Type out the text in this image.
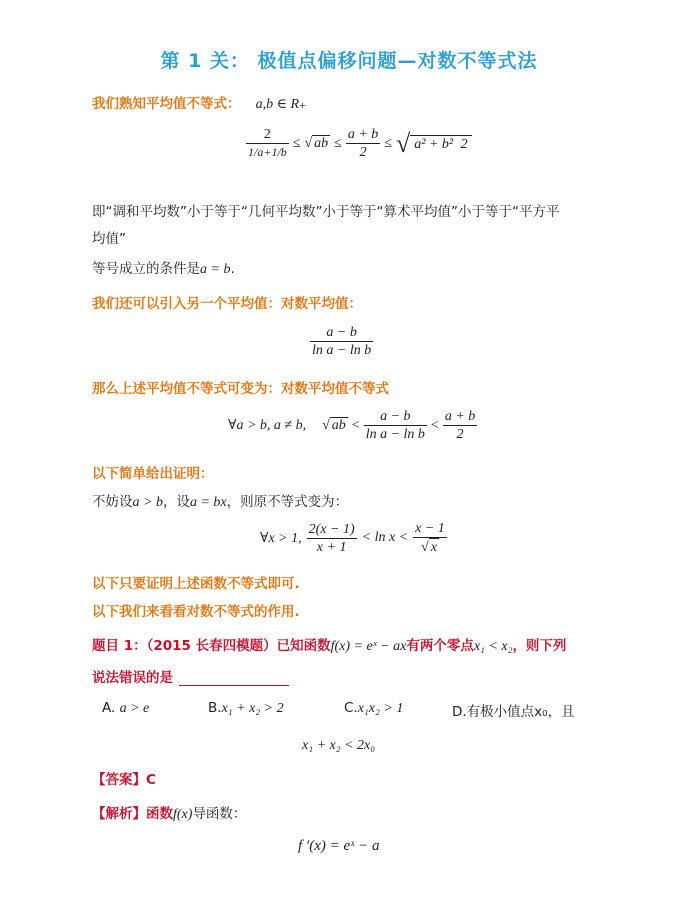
第 1 关： 极值点偏移问题—对数不等式法
我们熟知平均值不等式： a,b ∈ R₊
$\frac{2}{1/a+1/b}$ ≤ √ ab ≤ $\frac{a + b}{2}$ ≤ √ a² + b² 2
即“调和平均数”小于等于“几何平均数”小于等于“算术平均值”小于等于“平方平
均值”
等号成立的条件是a = b.
我们还可以引入另一个平均值：对数平均值：
$\frac{a - b}{\text{ln a − ln b}}$
那么上述平均值不等式可变为：对数平均值不等式
∀a > b, a ≠ b, √ ab < $\frac{a - b}{\text{ln a − ln b}} < \frac{a + b}{2}$
以下简单给出证明：
不妨设a > b，设a = bx，则原不等式变为：
∀x > 1, $\frac{2(x - 1)}{x + 1} < \ln x < \frac{x - 1}{√ x}$
以下只要证明上述函数不等式即可.
以下我们来看看对数不等式的作用.
题目 1：（2015 长春四模题）已知函数f(x) = eˣ − ax有两个零点x₁ < x₂，则下列
说法错误的是
A. a > e	B.x₁ + x₂ > 2	C.x₁x₂ > 1	D.有极小值点x₀，且
x₁ + x₂ < 2x₀
【答案】C
【解析】函数f(x)导函数：
f ′(x) = eˣ − a
